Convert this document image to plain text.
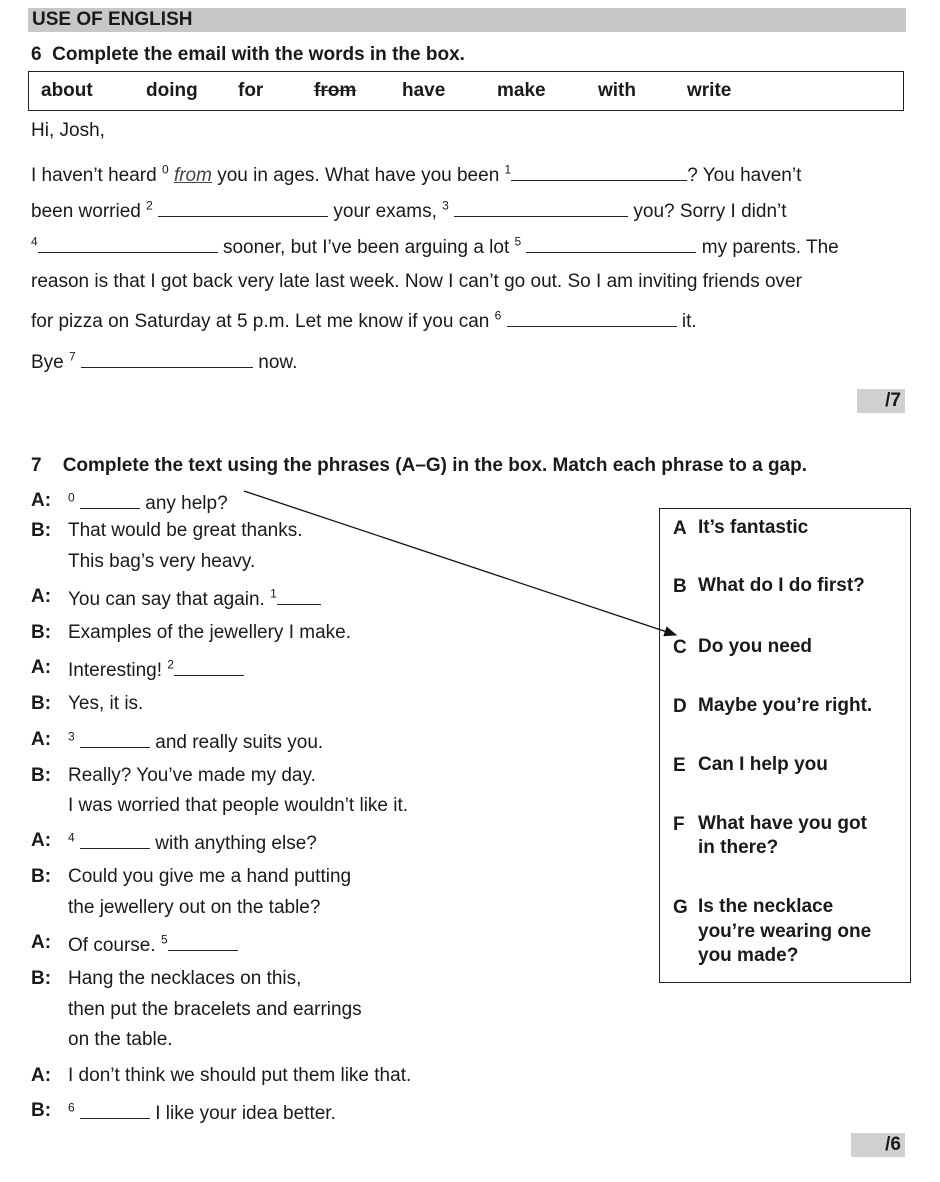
USE OF ENGLISH
6 Complete the email with the words in the box.
about	doing for	from have	make	with	write
Hi, Josh,
I haven’t heard $^0$ from you in ages. What have you been $^1$	? You haven’t
been worried $^2$	your exams, $^3$	you? Sorry I didn’t
$^4$	sooner, but I’ve been arguing a lot $^5$	my parents. The
reason is that I got back very late last week. Now I can’t go out. So I am inviting friends over
for pizza on Saturday at 5 p.m. Let me know if you can $^6$	it.
Bye $^7$	now.
/7
7 Complete the text using the phrases (A–G) in the box. Match each phrase to a gap.
A: $^0$	any help?
B: That would be great thanks.
This bag’s very heavy.
A: You can say that again. $^1$
B: Examples of the jewellery I make.
A: Interesting! $^2$
B: Yes, it is.
A: $^3$	and really suits you.
B: Really? You’ve made my day.
I was worried that people wouldn’t like it.
A: $^4$	with anything else?
B: Could you give me a hand putting
the jewellery out on the table?
A: Of course. $^5$
B: Hang the necklaces on this,
then put the bracelets and earrings
on the table.
A: I don’t think we should put them like that.
B: $^6$	I like your idea better.
A It’s fantastic
B What do I do first?
C Do you need
D Maybe you’re right.
E Can I help you
F What have you got
in there?
G Is the necklace
you’re wearing one
you made?
/6
